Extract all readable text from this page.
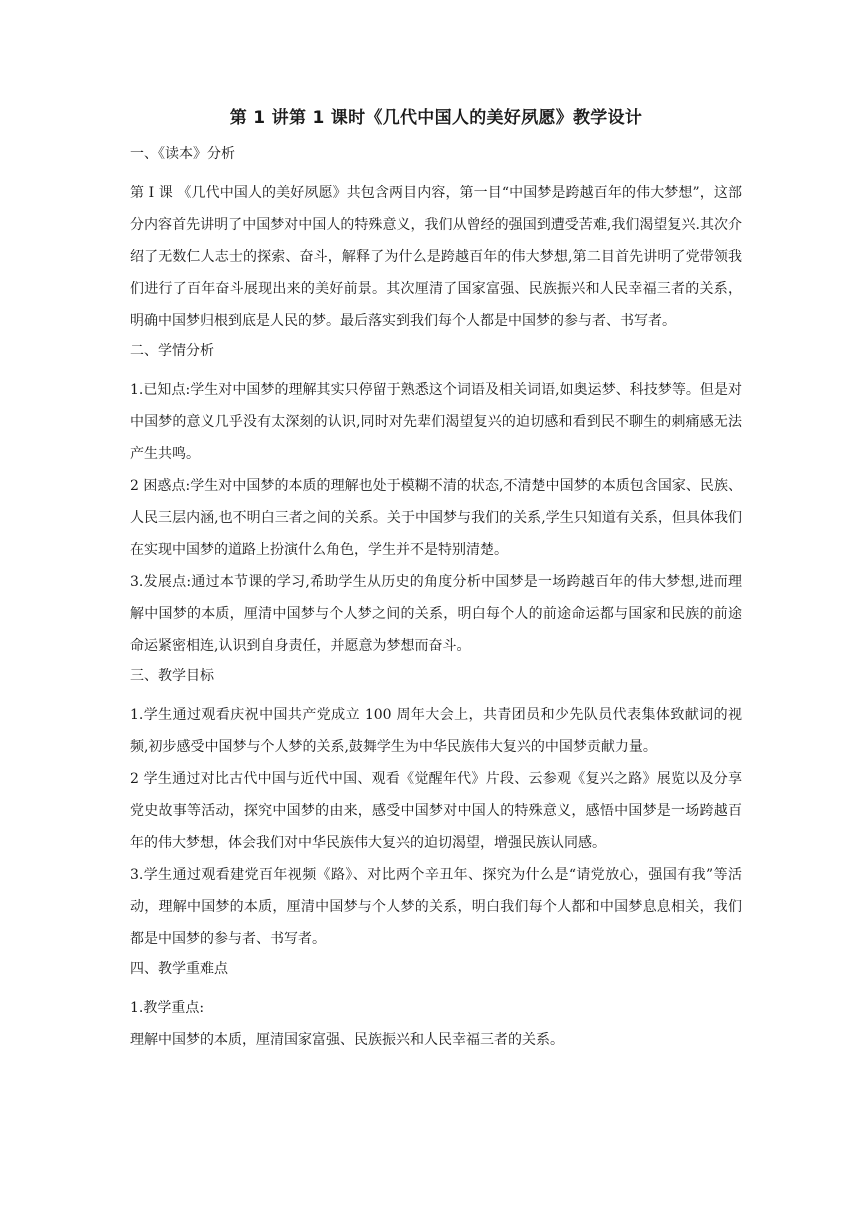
第 1 讲第 1 课时《几代中国人的美好夙愿》教学设计
一、《读本》分析
第 I 课 《几代中国人的美好夙愿》共包含两目内容，第一目“中国梦是跨越百年的伟大梦想”，这部分内容首先讲明了中国梦对中国人的特殊意义，我们从曾经的强国到遭受苦难,我们渴望复兴.其次介绍了无数仁人志士的探索、奋斗，解释了为什么是跨越百年的伟大梦想,第二目首先讲明了党带领我们进行了百年奋斗展现出来的美好前景。其次厘清了国家富强、民族振兴和人民幸福三者的关系，明确中国梦归根到底是人民的梦。最后落实到我们每个人都是中国梦的参与者、书写者。
二、学情分析
1.已知点:学生对中国梦的理解其实只停留于熟悉这个词语及相关词语,如奥运梦、科技梦等。但是对中国梦的意义几乎没有太深刻的认识,同时对先辈们渴望复兴的迫切感和看到民不聊生的刺痛感无法产生共鸣。
2 困惑点:学生对中国梦的本质的理解也处于模糊不清的状态,不清楚中国梦的本质包含国家、民族、人民三层内涵,也不明白三者之间的关系。关于中国梦与我们的关系,学生只知道有关系，但具体我们在实现中国梦的道路上扮演什么角色，学生并不是特别清楚。
3.发展点:通过本节课的学习,希助学生从历史的角度分析中国梦是一场跨越百年的伟大梦想,进而理解中国梦的本质，厘清中国梦与个人梦之间的关系，明白每个人的前途命运都与国家和民族的前途命运紧密相连,认识到自身责任，并愿意为梦想而奋斗。
三、教学目标
1.学生通过观看庆祝中国共产党成立 100 周年大会上，共青团员和少先队员代表集体致献词的视频,初步感受中国梦与个人梦的关系,鼓舞学生为中华民族伟大复兴的中国梦贡献力量。
2 学生通过对比古代中国与近代中国、观看《觉醒年代》片段、云参观《复兴之路》展览以及分享党史故事等活动，探究中国梦的由来，感受中国梦对中国人的特殊意义，感悟中国梦是一场跨越百年的伟大梦想，体会我们对中华民族伟大复兴的迫切渴望，增强民族认同感。
3.学生通过观看建党百年视频《路》、对比两个辛丑年、探究为什么是“请党放心，强国有我”等活动，理解中国梦的本质，厘清中国梦与个人梦的关系，明白我们每个人都和中国梦息息相关，我们都是中国梦的参与者、书写者。
四、教学重难点
1.教学重点:
理解中国梦的本质，厘清国家富强、民族振兴和人民幸福三者的关系。
